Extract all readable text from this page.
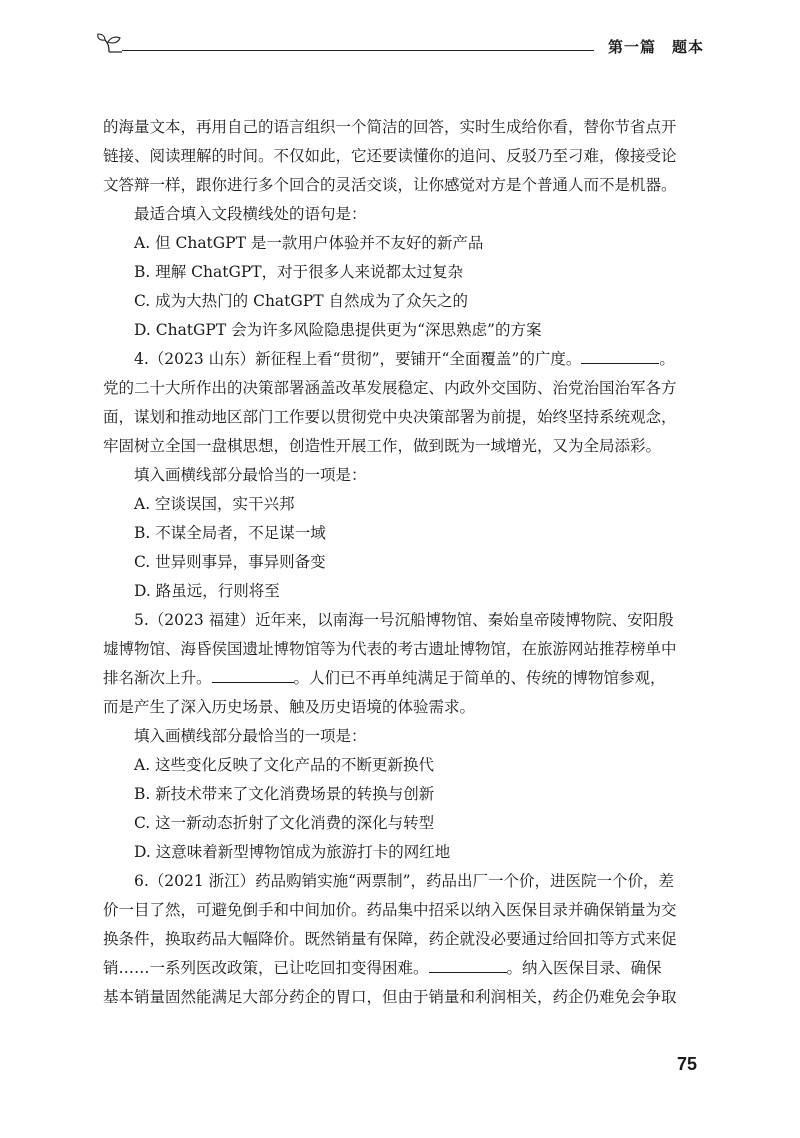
第一篇　题本
的海量文本，再用自己的语言组织一个简洁的回答，实时生成给你看，替你节省点开
链接、阅读理解的时间。不仅如此，它还要读懂你的追问、反驳乃至刁难，像接受论
文答辩一样，跟你进行多个回合的灵活交谈，让你感觉对方是个普通人而不是机器。
最适合填入文段横线处的语句是：
A. 但 ChatGPT 是一款用户体验并不友好的新产品
B. 理解 ChatGPT，对于很多人来说都太过复杂
C. 成为大热门的 ChatGPT 自然成为了众矢之的
D. ChatGPT 会为许多风险隐患提供更为“深思熟虑”的方案
4.（2023 山东）新征程上看“贯彻”，要铺开“全面覆盖”的广度。	。
党的二十大所作出的决策部署涵盖改革发展稳定、内政外交国防、治党治国治军各方
面，谋划和推动地区部门工作要以贯彻党中央决策部署为前提，始终坚持系统观念，
牢固树立全国一盘棋思想，创造性开展工作，做到既为一域增光，又为全局添彩。
填入画横线部分最恰当的一项是：
A. 空谈误国，实干兴邦
B. 不谋全局者，不足谋一域
C. 世异则事异，事异则备变
D. 路虽远，行则将至
5.（2023 福建）近年来，以南海一号沉船博物馆、秦始皇帝陵博物院、安阳殷
墟博物馆、海昏侯国遗址博物馆等为代表的考古遗址博物馆，在旅游网站推荐榜单中
排名渐次上升。	。人们已不再单纯满足于简单的、传统的博物馆参观，
而是产生了深入历史场景、触及历史语境的体验需求。
填入画横线部分最恰当的一项是：
A. 这些变化反映了文化产品的不断更新换代
B. 新技术带来了文化消费场景的转换与创新
C. 这一新动态折射了文化消费的深化与转型
D. 这意味着新型博物馆成为旅游打卡的网红地
6.（2021 浙江）药品购销实施“两票制”，药品出厂一个价，进医院一个价，差
价一目了然，可避免倒手和中间加价。药品集中招采以纳入医保目录并确保销量为交
换条件，换取药品大幅降价。既然销量有保障，药企就没必要通过给回扣等方式来促
销……一系列医改政策，已让吃回扣变得困难。	。纳入医保目录、确保
基本销量固然能满足大部分药企的胃口，但由于销量和利润相关，药企仍难免会争取
75
